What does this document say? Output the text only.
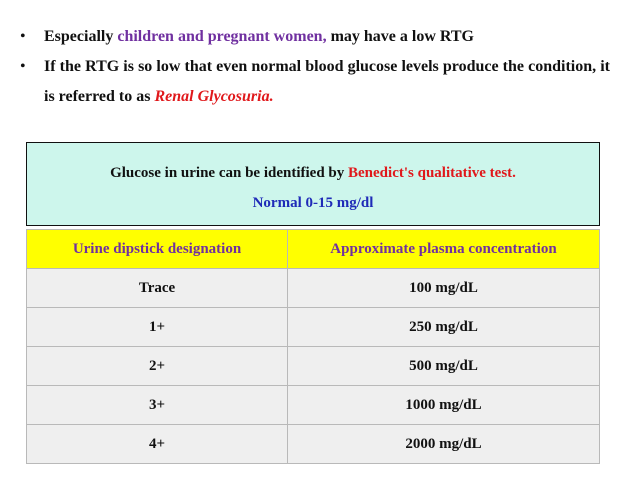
•	Especially children and pregnant women, may have a low RTG
•	If the RTG is so low that even normal blood glucose levels produce the condition, it is referred to as Renal Glycosuria.
Glucose in urine can be identified by Benedict's qualitative test.
Normal 0-15 mg/dl
Urine dipstick designation	Approximate plasma concentration
Trace	100 mg/dL
1+	250 mg/dL
2+	500 mg/dL
3+	1000 mg/dL
4+	2000 mg/dL
